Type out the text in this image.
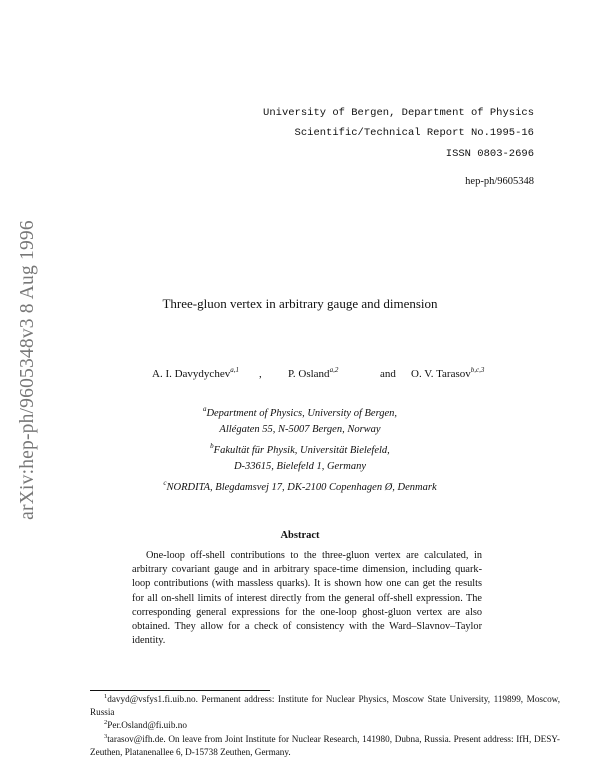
University of Bergen, Department of Physics
Scientific/Technical Report No.1995-16
ISSN 0803-2696
hep-ph/9605348
arXiv:hep-ph/9605348v3 8 Aug 1996	Three-gluon vertex in arbitrary gauge and dimension
A. I. Davydychev$^{a,1}$ , P. Osland$^{a,2}$	and O. V. Tarasov$^{b,c,3}$
$^a$Department of Physics, University of Bergen,
Allégaten 55, N-5007 Bergen, Norway
$^b$Fakultät für Physik, Universität Bielefeld,
D-33615, Bielefeld 1, Germany
$^c$NORDITA, Blegdamsvej 17, DK-2100 Copenhagen Ø, Denmark
Abstract
One-loop off-shell contributions to the three-gluon vertex are calculated, in arbitrary covariant gauge and in arbitrary space-time dimension, including quark-loop contributions (with massless quarks). It is shown how one can get the results for all on-shell limits of interest directly from the general off-shell expression. The corresponding general expressions for the one-loop ghost-gluon vertex are also obtained. They allow for a check of consistency with the Ward–Slavnov–Taylor identity.
$^1$davyd@vsfys1.fi.uib.no. Permanent address: Institute for Nuclear Physics, Moscow State University, 119899, Moscow, Russia
$^2$Per.Osland@fi.uib.no
$^3$tarasov@ifh.de. On leave from Joint Institute for Nuclear Research, 141980, Dubna, Russia. Present address: IfH, DESY-Zeuthen, Platanenallee 6, D-15738 Zeuthen, Germany.
